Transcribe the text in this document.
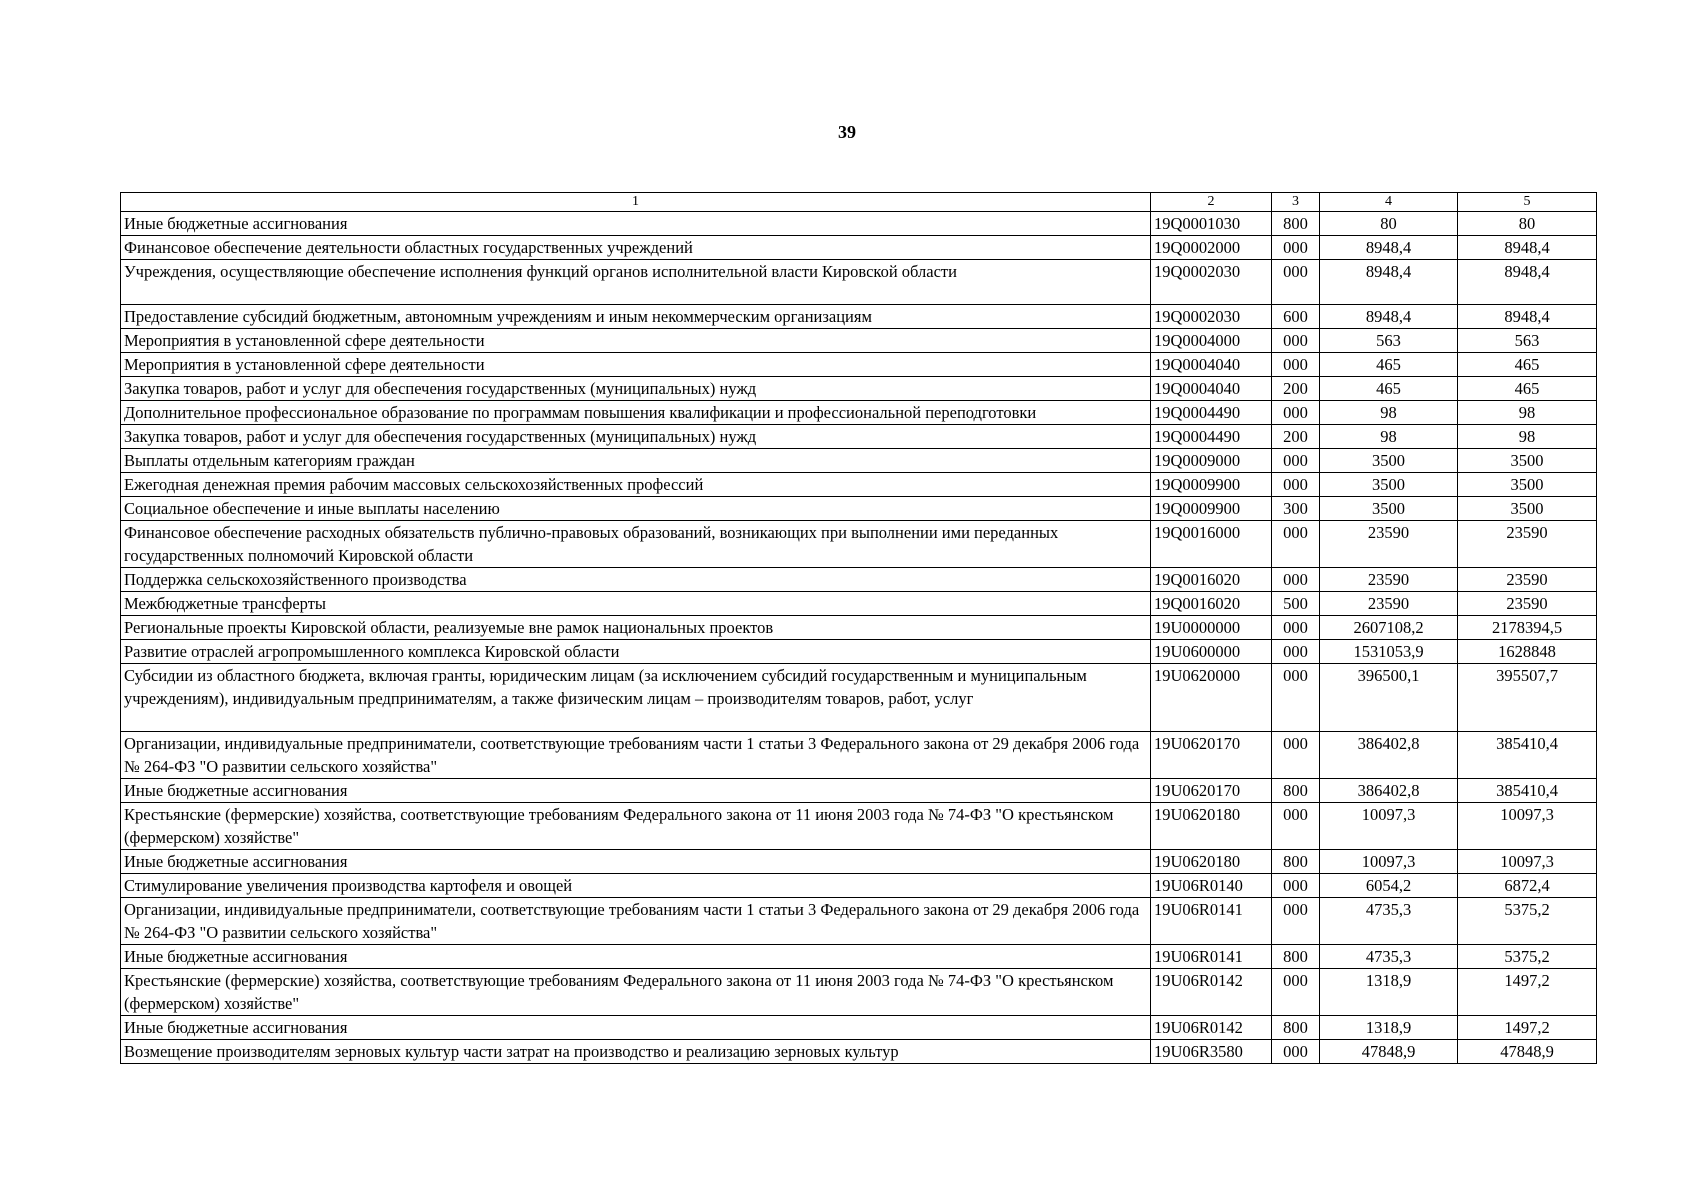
39
1	2	3	4	5
Иные бюджетные ассигнования	19Q0001030	800	80	80
Финансовое обеспечение деятельности областных государственных учреждений	19Q0002000	000	8948,4	8948,4
Учреждения, осуществляющие обеспечение исполнения функций органов исполнительной власти Кировской области	19Q0002030	000	8948,4	8948,4
Предоставление субсидий бюджетным, автономным учреждениям и иным некоммерческим организациям	19Q0002030	600	8948,4	8948,4
Мероприятия в установленной сфере деятельности	19Q0004000	000	563	563
Мероприятия в установленной сфере деятельности	19Q0004040	000	465	465
Закупка товаров, работ и услуг для обеспечения государственных (муниципальных) нужд	19Q0004040	200	465	465
Дополнительное профессиональное образование по программам повышения квалификации и профессиональной переподготовки	19Q0004490	000	98	98
Закупка товаров, работ и услуг для обеспечения государственных (муниципальных) нужд	19Q0004490	200	98	98
Выплаты отдельным категориям граждан	19Q0009000	000	3500	3500
Ежегодная денежная премия рабочим массовых сельскохозяйственных профессий	19Q0009900	000	3500	3500
Социальное обеспечение и иные выплаты населению	19Q0009900	300	3500	3500
Финансовое обеспечение расходных обязательств публично-правовых образований, возникающих при выполнении ими переданных государственных полномочий Кировской области	19Q0016000	000	23590	23590
Поддержка сельскохозяйственного производства	19Q0016020	000	23590	23590
Межбюджетные трансферты	19Q0016020	500	23590	23590
Региональные проекты Кировской области, реализуемые вне рамок национальных проектов	19U0000000	000	2607108,2	2178394,5
Развитие отраслей агропромышленного комплекса Кировской области	19U0600000	000	1531053,9	1628848
Субсидии из областного бюджета, включая гранты, юридическим лицам (за исключением субсидий государственным и муниципальным учреждениям), индивидуальным предпринимателям, а также физическим лицам – производителям товаров, работ, услуг	19U0620000	000	396500,1	395507,7
Организации, индивидуальные предприниматели, соответствующие требованиям части 1 статьи 3 Федерального закона от 29 декабря 2006 года № 264-ФЗ "О развитии сельского хозяйства"	19U0620170	000	386402,8	385410,4
Иные бюджетные ассигнования	19U0620170	800	386402,8	385410,4
Крестьянские (фермерские) хозяйства, соответствующие требованиям Федерального закона от 11 июня 2003 года № 74-ФЗ "О крестьянском (фермерском) хозяйстве"	19U0620180	000	10097,3	10097,3
Иные бюджетные ассигнования	19U0620180	800	10097,3	10097,3
Стимулирование увеличения производства картофеля и овощей	19U06R0140	000	6054,2	6872,4
Организации, индивидуальные предприниматели, соответствующие требованиям части 1 статьи 3 Федерального закона от 29 декабря 2006 года № 264-ФЗ "О развитии сельского хозяйства"	19U06R0141	000	4735,3	5375,2
Иные бюджетные ассигнования	19U06R0141	800	4735,3	5375,2
Крестьянские (фермерские) хозяйства, соответствующие требованиям Федерального закона от 11 июня 2003 года № 74-ФЗ "О крестьянском (фермерском) хозяйстве"	19U06R0142	000	1318,9	1497,2
Иные бюджетные ассигнования	19U06R0142	800	1318,9	1497,2
Возмещение производителям зерновых культур части затрат на производство и реализацию зерновых культур	19U06R3580	000	47848,9	47848,9
